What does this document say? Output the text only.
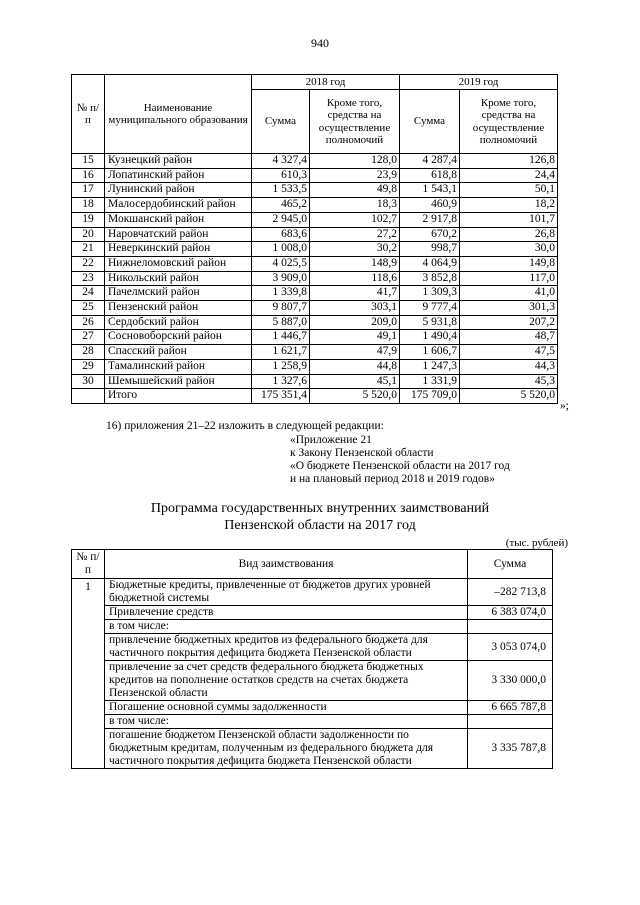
940
№ п/п	Наименование муниципального образования	2018 год		2019 год	
		Сумма	Кроме того, средства на осуществление полномочий	Сумма	Кроме того, средства на осуществление полномочий
15	Кузнецкий район	4 327,4	128,0	4 287,4	126,8
16	Лопатинский район	610,3	23,9	618,8	24,4
17	Лунинский район	1 533,5	49,8	1 543,1	50,1
18	Малосердобинский район	465,2	18,3	460,9	18,2
19	Мокшанский район	2 945,0	102,7	2 917,8	101,7
20	Наровчатский район	683,6	27,2	670,2	26,8
21	Неверкинский район	1 008,0	30,2	998,7	30,0
22	Нижнеломовский район	4 025,5	148,9	4 064,9	149,8
23	Никольский район	3 909,0	118,6	3 852,8	117,0
24	Пачелмский район	1 339,8	41,7	1 309,3	41,0
25	Пензенский район	9 807,7	303,1	9 777,4	301,3
26	Сердобский район	5 887,0	209,0	5 931,8	207,2
27	Сосновоборский район	1 446,7	49,1	1 490,4	48,7
28	Спасский район	1 621,7	47,9	1 606,7	47,5
29	Тамалинский район	1 258,9	44,8	1 247,3	44,3
30	Шемышейский район	1 327,6	45,1	1 331,9	45,3
	Итого	175 351,4	5 520,0	175 709,0	5 520,0
»;
16) приложения 21–22 изложить в следующей редакции:
«Приложение 21
к Закону Пензенской области
«О бюджете Пензенской области на 2017 год
и на плановый период 2018 и 2019 годов»
Программа государственных внутренних заимствований
Пензенской области на 2017 год
(тыс. рублей)
№ п/п	Вид заимствования	Сумма
1	Бюджетные кредиты, привлеченные от бюджетов других уровней бюджетной системы	–282 713,8
	Привлечение средств	6 383 074,0
	в том числе:	
	привлечение бюджетных кредитов из федерального бюджета для частичного покрытия дефицита бюджета Пензенской области	3 053 074,0
	привлечение за счет средств федерального бюджета бюджетных кредитов на пополнение остатков средств на счетах бюджета Пензенской области	3 330 000,0
	Погашение основной суммы задолженности	6 665 787,8
	в том числе:	
	погашение бюджетом Пензенской области задолженности по бюджетным кредитам, полученным из федерального бюджета для частичного покрытия дефицита бюджета Пензенской области	3 335 787,8
